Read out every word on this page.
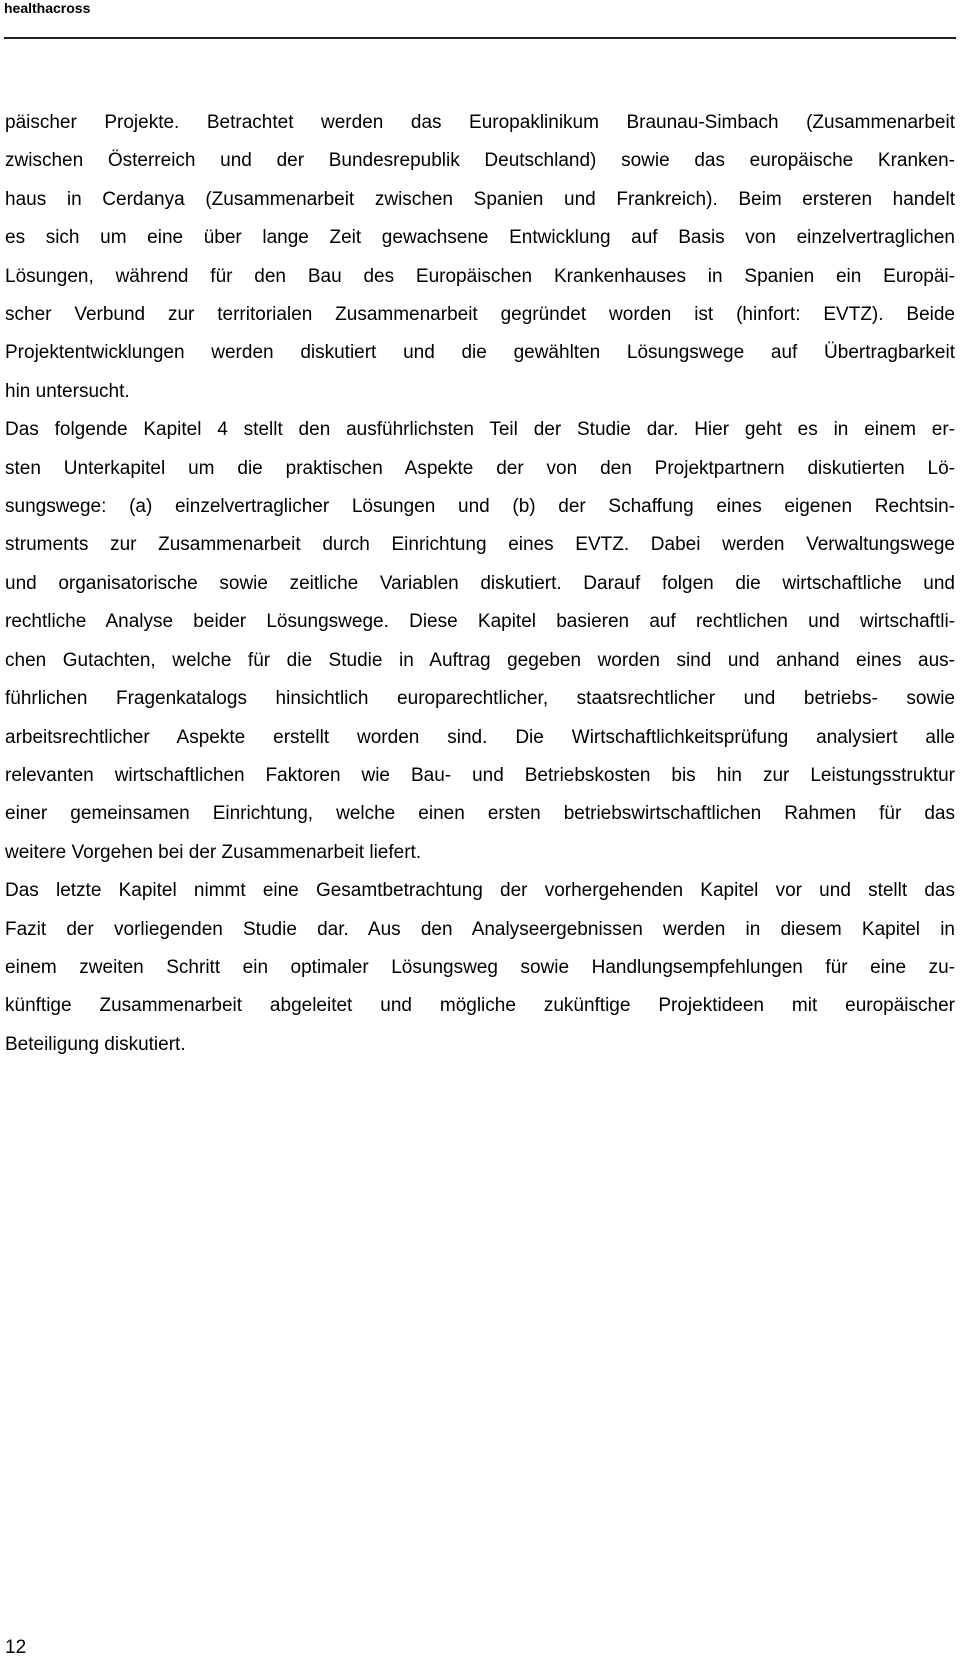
healthacross

päischer Projekte. Betrachtet werden das Europaklinikum Braunau-Simbach (Zusammenarbeit
zwischen Österreich und der Bundesrepublik Deutschland) sowie das europäische Kranken-
haus in Cerdanya (Zusammenarbeit zwischen Spanien und Frankreich). Beim ersteren handelt
es sich um eine über lange Zeit gewachsene Entwicklung auf Basis von einzelvertraglichen
Lösungen, während für den Bau des Europäischen Krankenhauses in Spanien ein Europäi-
scher Verbund zur territorialen Zusammenarbeit gegründet worden ist (hinfort: EVTZ). Beide
Projektentwicklungen werden diskutiert und die gewählten Lösungswege auf Übertragbarkeit
hin untersucht.

Das folgende Kapitel 4 stellt den ausführlichsten Teil der Studie dar. Hier geht es in einem er-
sten Unterkapitel um die praktischen Aspekte der von den Projektpartnern diskutierten Lö-
sungswege: (a) einzelvertraglicher Lösungen und (b) der Schaffung eines eigenen Rechtsin-
struments zur Zusammenarbeit durch Einrichtung eines EVTZ. Dabei werden Verwaltungswege
und organisatorische sowie zeitliche Variablen diskutiert. Darauf folgen die wirtschaftliche und
rechtliche Analyse beider Lösungswege. Diese Kapitel basieren auf rechtlichen und wirtschaftli-
chen Gutachten, welche für die Studie in Auftrag gegeben worden sind und anhand eines aus-
führlichen Fragenkatalogs hinsichtlich europarechtlicher, staatsrechtlicher und betriebs- sowie
arbeitsrechtlicher Aspekte erstellt worden sind. Die Wirtschaftlichkeitsprüfung analysiert alle
relevanten wirtschaftlichen Faktoren wie Bau- und Betriebskosten bis hin zur Leistungsstruktur
einer gemeinsamen Einrichtung, welche einen ersten betriebswirtschaftlichen Rahmen für das
weitere Vorgehen bei der Zusammenarbeit liefert.

Das letzte Kapitel nimmt eine Gesamtbetrachtung der vorhergehenden Kapitel vor und stellt das
Fazit der vorliegenden Studie dar. Aus den Analyseergebnissen werden in diesem Kapitel in
einem zweiten Schritt ein optimaler Lösungsweg sowie Handlungsempfehlungen für eine zu-
künftige Zusammenarbeit abgeleitet und mögliche zukünftige Projektideen mit europäischer
Beteiligung diskutiert.

12
